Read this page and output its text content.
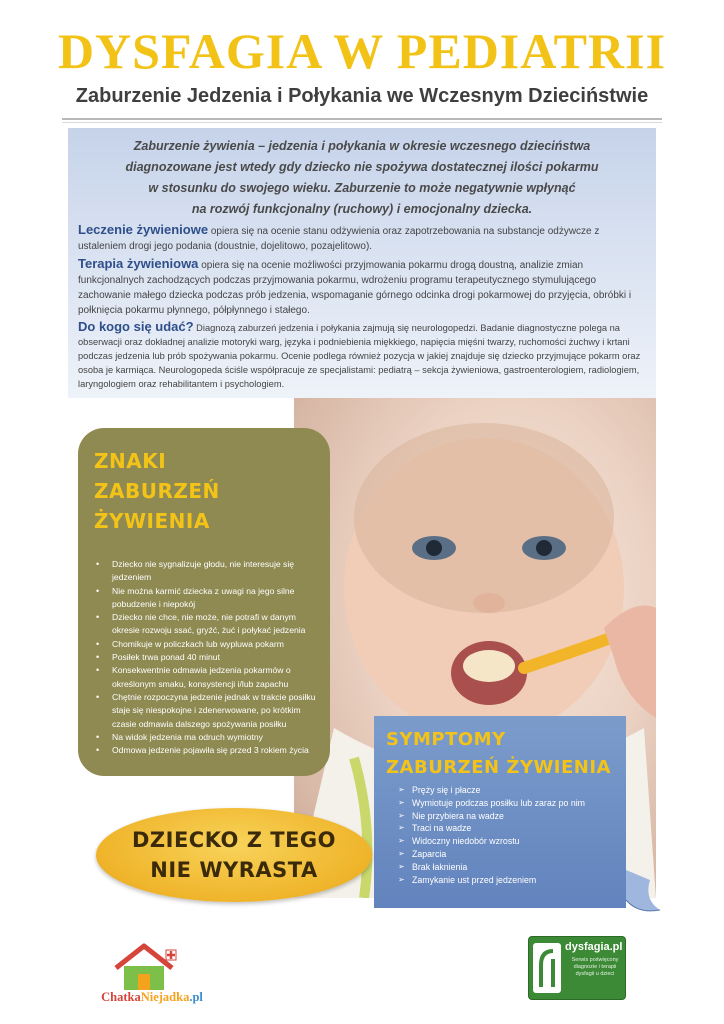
DYSFAGIA W PEDIATRII
Zaburzenie Jedzenia i Połykania we Wczesnym Dzieciństwie
Zaburzenie żywienia – jedzenia i połykania w okresie wczesnego dzieciństwa
diagnozowane jest wtedy gdy dziecko nie spożywa dostatecznej ilości pokarmu
w stosunku do swojego wieku. Zaburzenie to może negatywnie wpłynąć
na rozwój funkcjonalny (ruchowy) i emocjonalny dziecka.

Leczenie żywieniowe opiera się na ocenie stanu odżywienia oraz zapotrzebowania na substancje odżywcze z ustaleniem drogi jego podania (doustnie, dojelitowo, pozajelitowo).

Terapia żywieniowa opiera się na ocenie możliwości przyjmowania pokarmu drogą doustną, analizie zmian funkcjonalnych zachodzących podczas przyjmowania pokarmu, wdrożeniu programu terapeutycznego stymulującego zachowanie małego dziecka podczas prób jedzenia, wspomaganie górnego odcinka drogi pokarmowej do przyjęcia, obróbki i połknięcia pokarmu płynnego, półpłynnego i stałego.

Do kogo się udać? Diagnozą zaburzeń jedzenia i połykania zajmują się neurologopedzi. Badanie diagnostyczne polega na obserwacji oraz dokładnej analizie motoryki warg, języka i podniebienia miękkiego, napięcia mięśni twarzy, ruchomości żuchwy i krtani podczas jedzenia lub prób spożywania pokarmu. Ocenie podlega również pozycja w jakiej znajduje się dziecko przyjmujące pokarm oraz osoba je karmiąca. Neurologopeda ściśle współpracuje ze specjalistami: pediatrą – sekcja żywieniowa, gastroenterologiem, radiologiem, laryngologiem oraz rehabilitantem i psychologiem.

ZNAKI
ZABURZEŃ ŻYWIENIA
• Dziecko nie sygnalizuje głodu, nie interesuje się jedzeniem
• Nie można karmić dziecka z uwagi na jego silne pobudzenie i niepokój
• Dziecko nie chce, nie może, nie potrafi w danym okresie rozwoju ssać, gryźć, żuć i połykać jedzenia
• Chomikuje w policzkach lub wypluwa pokarm
• Posiłek trwa ponad 40 minut
• Konsekwentnie odmawia jedzenia pokarmów o określonym smaku, konsystencji i/lub zapachu
• Chętnie rozpoczyna jedzenie jednak w trakcie posiłku staje się niespokojne i zdenerwowane, po krótkim czasie odmawia dalszego spożywania posiłku
• Na widok jedzenia ma odruch wymiotny
• Odmowa jedzenie pojawiła się przed 3 rokiem życia
SYMPTOMY
ZABURZEŃ ŻYWIENIA
➢ Pręży się i płacze
➢ Wymiotuje podczas posiłku lub zaraz po nim
➢ Nie przybiera na wadze
➢ Traci na wadze
➢ Widoczny niedobór wzrostu
➢ Zaparcia
➢ Brak łaknienia
➢ Zamykanie ust przed jedzeniem
DZIECKO Z TEGO
NIE WYRASTA
ChatkaNiejadka.pl
dysfagia.pl
Serwis poświęcony diagnozie i terapii dysfagii u dzieci
